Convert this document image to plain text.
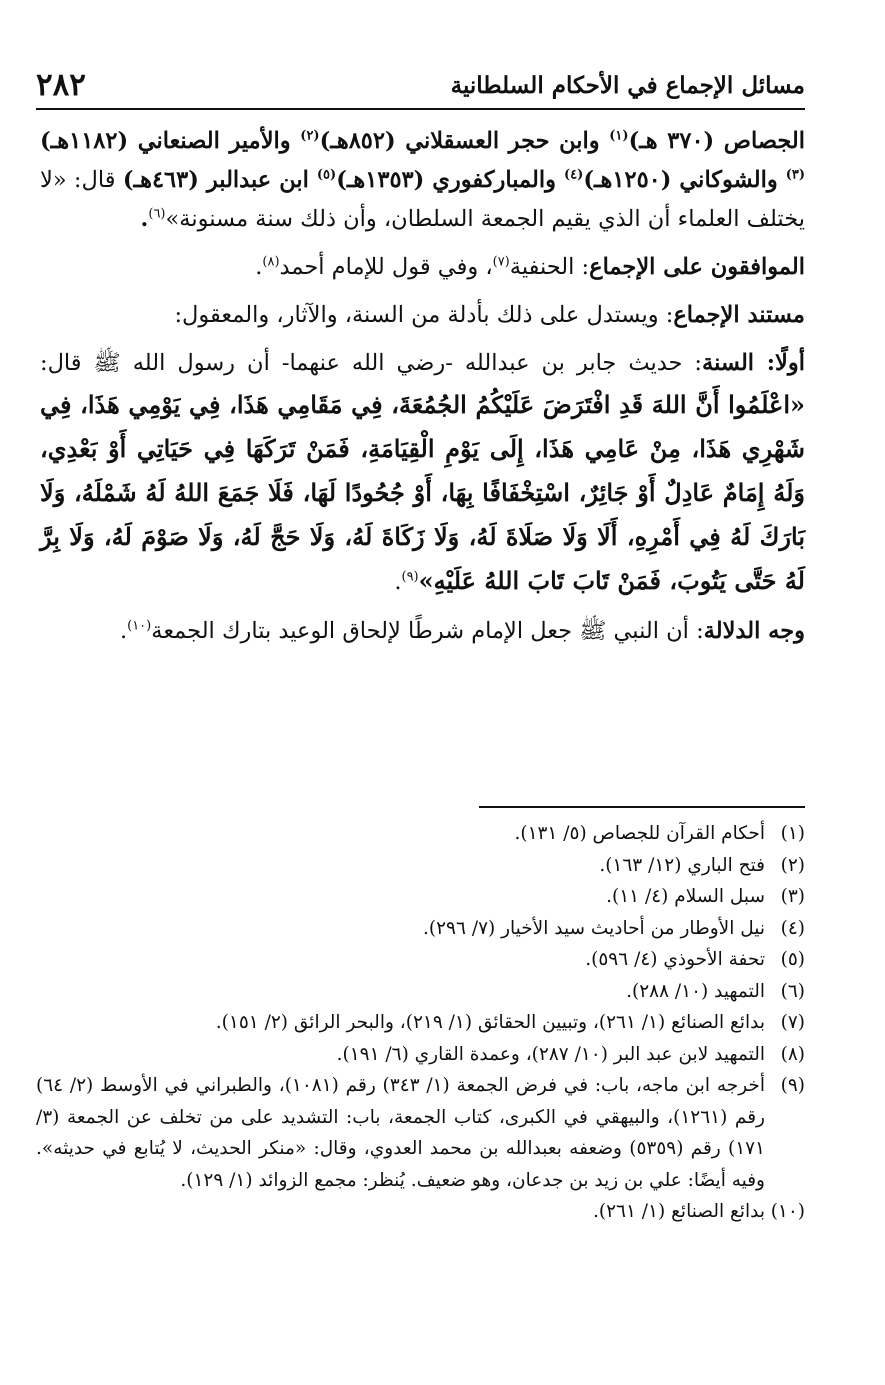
مسائل الإجماع في الأحكام السلطانية
٢٨٢

الجصاص (٣٧٠ هـ)$^{(١)}$ وابن حجر العسقلاني (٨٥٢هـ)$^{(٢)}$ والأمير الصنعاني (١١٨٢هـ)$^{(٣)}$ والشوكاني (١٢٥٠هـ)$^{(٤)}$ والمباركفوري (١٣٥٣هـ)$^{(٥)}$ ابن عبدالبر (٤٦٣هـ) قال: «لا يختلف العلماء أن الذي يقيم الجمعة السلطان، وأن ذلك سنة مسنونة»$^{(٦)}$.

الموافقون على الإجماع: الحنفية$^{(٧)}$، وفي قول للإمام أحمد$^{(٨)}$.

مستند الإجماع: ويستدل على ذلك بأدلة من السنة، والآثار، والمعقول:

أولًا: السنة: حديث جابر بن عبدالله -رضي الله عنهما- أن رسول الله ﷺ قال: «اعْلَمُوا أَنَّ اللهَ قَدِ افْتَرَضَ عَلَيْكُمُ الجُمُعَةَ، فِي مَقَامِي هَذَا، فِي يَوْمِي هَذَا، فِي شَهْرِي هَذَا، مِنْ عَامِي هَذَا، إِلَى يَوْمِ الْقِيَامَةِ، فَمَنْ تَرَكَهَا فِي حَيَاتِي أَوْ بَعْدِي، وَلَهُ إِمَامٌ عَادِلٌ أَوْ جَائِرٌ، اسْتِخْفَافًا بِهَا، أَوْ جُحُودًا لَهَا، فَلَا جَمَعَ اللهُ لَهُ شَمْلَهُ، وَلَا بَارَكَ لَهُ فِي أَمْرِهِ، أَلَا وَلَا صَلَاةَ لَهُ، وَلَا زَكَاةَ لَهُ، وَلَا حَجَّ لَهُ، وَلَا صَوْمَ لَهُ، وَلَا بِرَّ لَهُ حَتَّى يَتُوبَ، فَمَنْ تَابَ تَابَ اللهُ عَلَيْهِ»$^{(٩)}$.

وجه الدلالة: أن النبي ﷺ جعل الإمام شرطًا لإلحاق الوعيد بتارك الجمعة$^{(١٠)}$.

(١)
أحكام القرآن للجصاص (٥/ ١٣١).

(٢)
فتح الباري (١٢/ ١٦٣).

(٣)
سبل السلام (٤/ ١١).

(٤)
نيل الأوطار من أحاديث سيد الأخيار (٧/ ٢٩٦).

(٥)
تحفة الأحوذي (٤/ ٥٩٦).

(٦)
التمهيد (١٠/ ٢٨٨).

(٧)
بدائع الصنائع (١/ ٢٦١)، وتبيين الحقائق (١/ ٢١٩)، والبحر الرائق (٢/ ١٥١).

(٨)
التمهيد لابن عبد البر (١٠/ ٢٨٧)، وعمدة القاري (٦/ ١٩١).

(٩)
أخرجه ابن ماجه، باب: في فرض الجمعة (١/ ٣٤٣) رقم (١٠٨١)، والطبراني في الأوسط (٢/ ٦٤) رقم (١٢٦١)، والبيهقي في الكبرى، كتاب الجمعة، باب: التشديد على من تخلف عن الجمعة (٣/ ١٧١) رقم (٥٣٥٩) وضعفه بعبدالله بن محمد العدوي، وقال: «منكر الحديث، لا يُتابع في حديثه». وفيه أيضًا: علي بن زيد بن جدعان، وهو ضعيف. يُنظر: مجمع الزوائد (١/ ١٢٩).

(١٠)
بدائع الصنائع (١/ ٢٦١).
